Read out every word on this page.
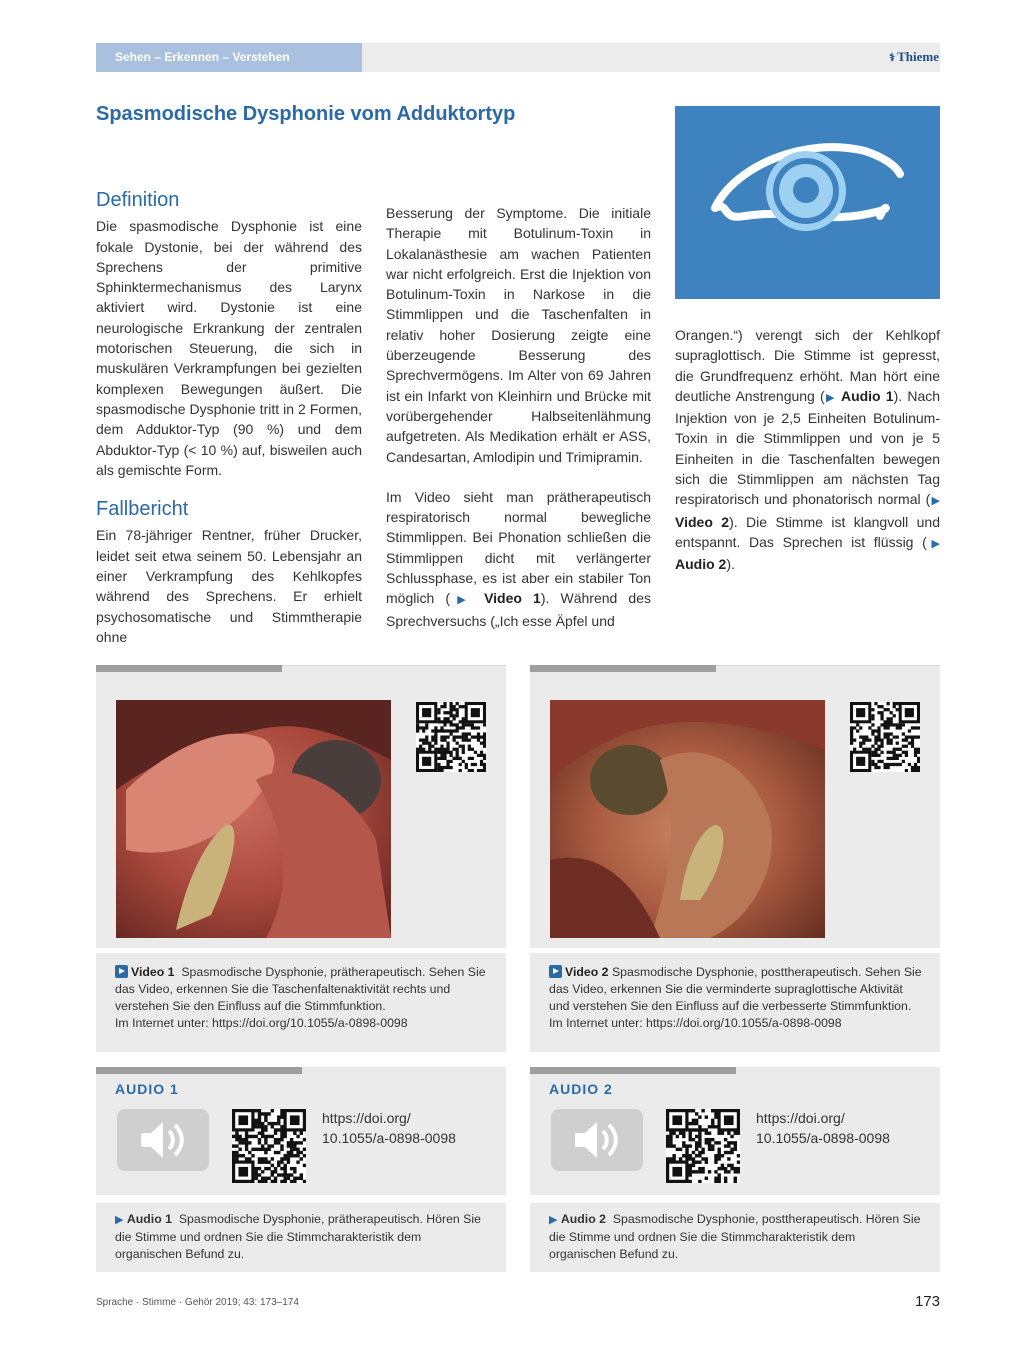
Sehen – Erkennen – Verstehen	⚕ Thieme
Spasmodische Dysphonie vom Adduktortyp
Definition

Die spasmodische Dysphonie ist eine fokale Dystonie, bei der während des Sprechens der primitive Sphinktermechanismus des Larynx aktiviert wird. Dystonie ist eine neurologische Erkrankung der zentralen motorischen Steuerung, die sich in muskulären Verkrampfungen bei gezielten komplexen Bewegungen äußert. Die spasmodische Dysphonie tritt in 2 Formen, dem Adduktor-Typ (90 %) und dem Abduktor-Typ (< 10 %) auf, bisweilen auch als gemischte Form.

Fallbericht

Ein 78-jähriger Rentner, früher Drucker, leidet seit etwa seinem 50. Lebensjahr an einer Verkrampfung des Kehlkopfes während des Sprechens. Er erhielt psychosomatische und Stimmtherapie ohne

Besserung der Symptome. Die initiale Therapie mit Botulinum-Toxin in Lokalanästhesie am wachen Patienten war nicht erfolgreich. Erst die Injektion von Botulinum-Toxin in Narkose in die Stimmlippen und die Taschenfalten in relativ hoher Dosierung zeigte eine überzeugende Besserung des Sprechvermögens. Im Alter von 69 Jahren ist ein Infarkt von Kleinhirn und Brücke mit vorübergehender Halbseitenlähmung aufgetreten. Als Medikation erhält er ASS, Candesartan, Amlodipin und Trimipramin.

Im Video sieht man prätherapeutisch respiratorisch normal bewegliche Stimmlippen. Bei Phonation schließen die Stimmlippen dicht mit verlängerter Schlussphase, es ist aber ein stabiler Ton möglich (▶ Video 1). Während des Sprechversuchs („Ich esse Äpfel und

Orangen.“) verengt sich der Kehlkopf supraglottisch. Die Stimme ist gepresst, die Grundfrequenz erhöht. Man hört eine deutliche Anstrengung (▶ Audio 1). Nach Injektion von je 2,5 Einheiten Botulinum-Toxin in die Stimmlippen und von je 5 Einheiten in die Taschenfalten bewegen sich die Stimmlippen am nächsten Tag respiratorisch und phonatorisch normal (▶ Video 2). Die Stimme ist klangvoll und entspannt. Das Sprechen ist flüssig (▶ Audio 2).

Video 1 Spasmodische Dysphonie, prätherapeutisch. Sehen Sie das Video, erkennen Sie die Taschenfaltenaktivität rechts und verstehen Sie den Einfluss auf die Stimmfunktion.
Im Internet unter: https://doi.org/10.1055/a-0898-0098
Video 2 Spasmodische Dysphonie, posttherapeutisch. Sehen Sie das Video, erkennen Sie die verminderte supraglottische Aktivität und verstehen Sie den Einfluss auf die verbesserte Stimmfunktion.
Im Internet unter: https://doi.org/10.1055/a-0898-0098
AUDIO 1
https://doi.org/
10.1055/a-0898-0098
▶ Audio 1 Spasmodische Dysphonie, prätherapeutisch. Hören Sie die Stimme und ordnen Sie die Stimmcharakteristik dem organischen Befund zu.
AUDIO 2
https://doi.org/
10.1055/a-0898-0098
▶ Audio 2 Spasmodische Dysphonie, posttherapeutisch. Hören Sie die Stimme und ordnen Sie die Stimmcharakteristik dem organischen Befund zu.
Sprache · Stimme · Gehör 2019; 43: 173–174	173
